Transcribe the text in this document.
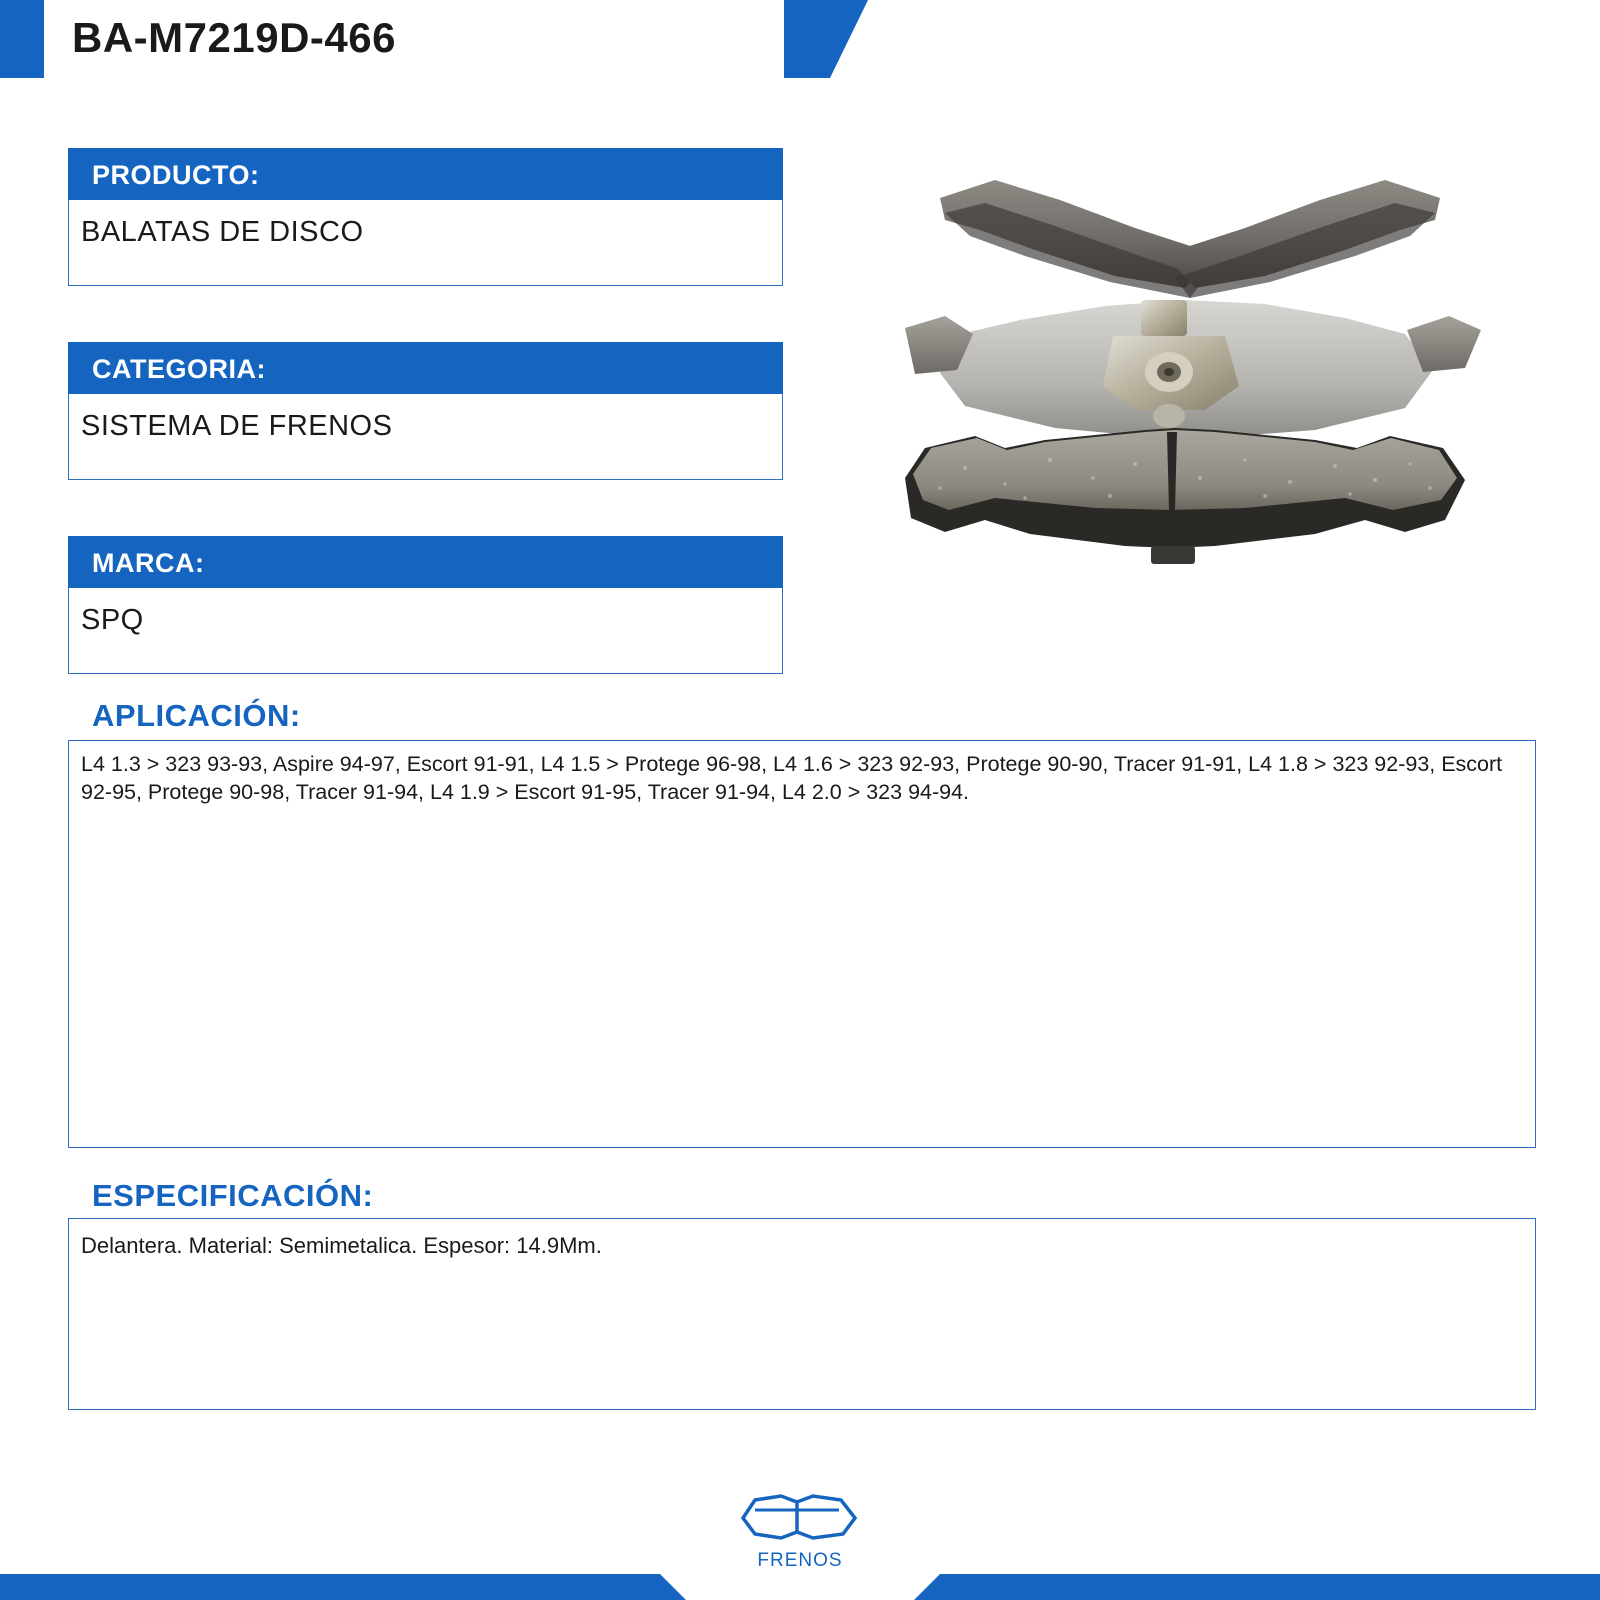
BA-M7219D-466
PRODUCTO:
BALATAS DE DISCO
CATEGORIA:
SISTEMA DE FRENOS
MARCA:
SPQ
APLICACIÓN:
L4 1.3 > 323 93-93, Aspire 94-97, Escort 91-91, L4 1.5 > Protege 96-98, L4 1.6 > 323 92-93, Protege 90-90, Tracer 91-91, L4 1.8 > 323 92-93, Escort 92-95, Protege 90-98, Tracer 91-94, L4 1.9 > Escort 91-95, Tracer 91-94, L4 2.0 > 323 94-94.
ESPECIFICACIÓN:
Delantera. Material: Semimetalica. Espesor: 14.9Mm.
FRENOS
